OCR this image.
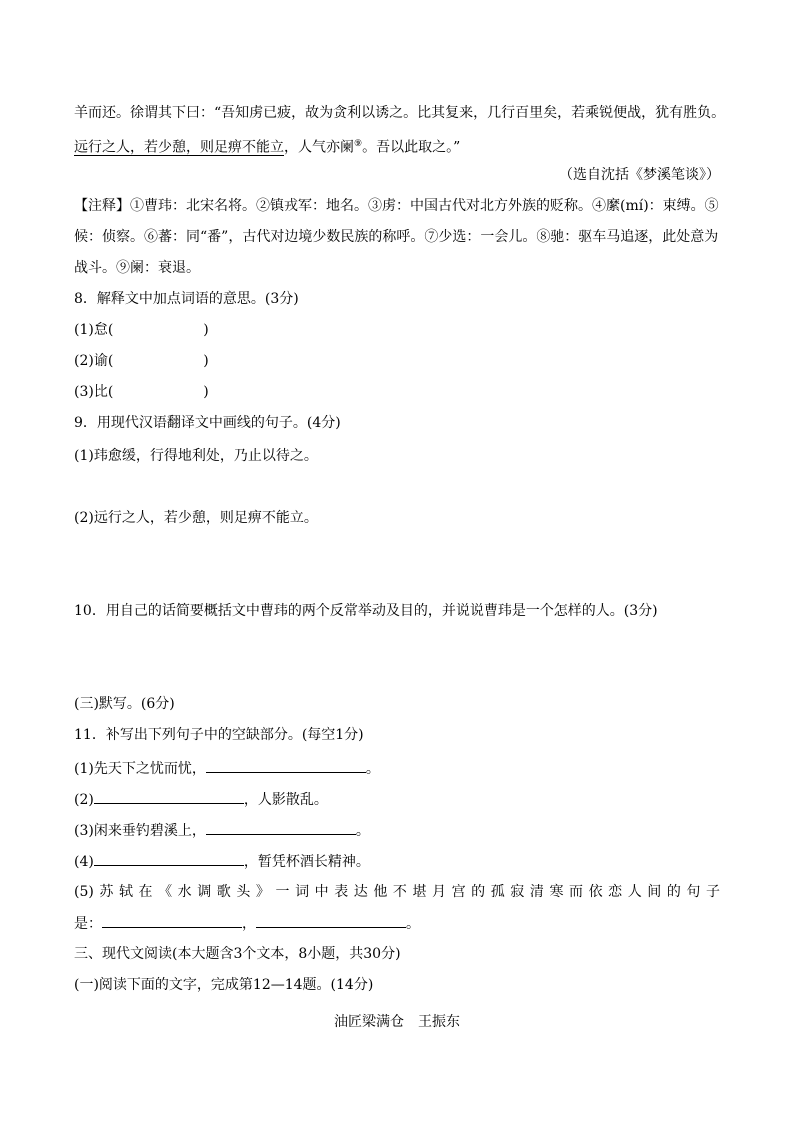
羊而还。徐谓其下曰：“吾知虏已疲，故为贪利以诱之。比其复来，几行百里矣，若乘锐便战，犹有胜负。
远行之人，若少憩，则足痹不能立，人气亦阑⑨。吾以此取之。”
（选自沈括《梦溪笔谈》）
【注释】①曹玮：北宋名将。②镇戎军：地名。③虏：中国古代对北方外族的贬称。④縻(mí)：束缚。⑤
候：侦察。⑥蕃：同“番”，古代对边境少数民族的称呼。⑦少选：一会儿。⑧驰：驱车马追逐，此处意为
战斗。⑨阑：衰退。
8．解释文中加点词语的意思。(3分)
(1)怠(	)
(2)谕(	)
(3)比(	)
9．用现代汉语翻译文中画线的句子。(4分)
(1)玮愈缓，行得地利处，乃止以待之。
(2)远行之人，若少憩，则足痹不能立。
10．用自己的话简要概括文中曹玮的两个反常举动及目的，并说说曹玮是一个怎样的人。(3分)
(三)默写。(6分)
11．补写出下列句子中的空缺部分。(每空1分)
(1)先天下之忧而忧，	。
(2)	，人影散乱。
(3)闲来垂钓碧溪上，	。
(4)	，暂凭杯酒长精神。
(5)苏轼在《水调歌头》一词中表达他不堪月宫的孤寂清寒而依恋人间的句子
是：	，	。
三、现代文阅读(本大题含3个文本，8小题，共30分)
(一)阅读下面的文字，完成第12—14题。(14分)
油匠梁满仓　王振东
